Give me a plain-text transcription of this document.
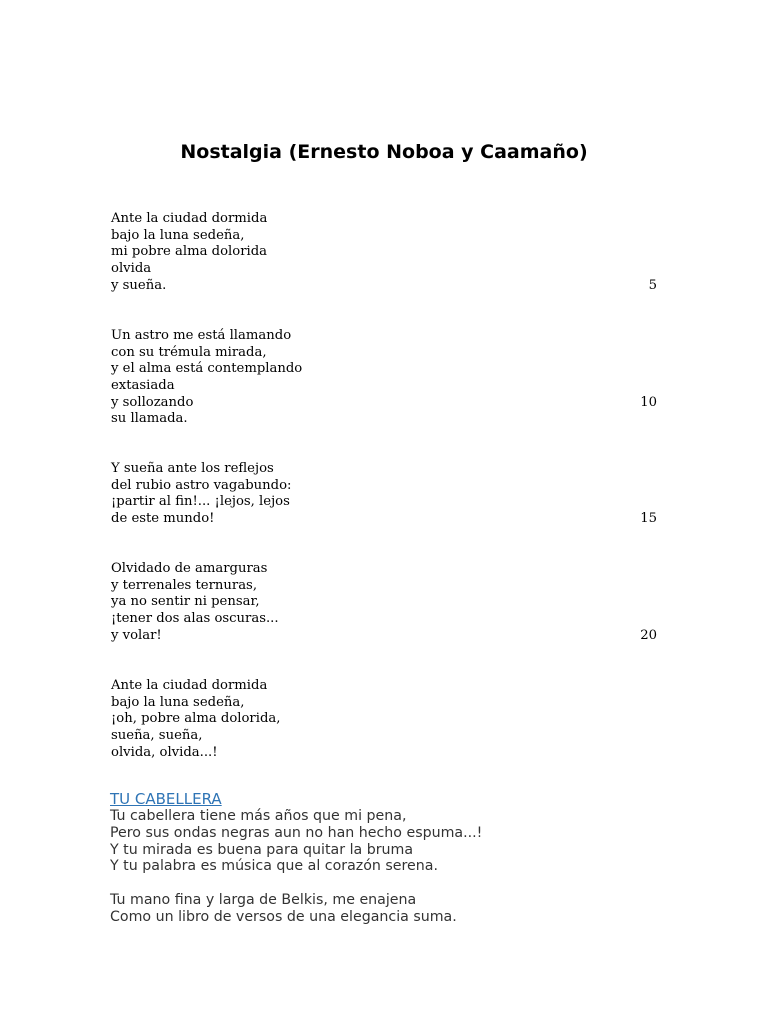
Nostalgia (Ernesto Noboa y Caamaño)
Ante la ciudad dormida
bajo la luna sedeña,
mi pobre alma dolorida
olvida
y sueña.	5
Un astro me está llamando
con su trémula mirada,
y el alma está contemplando
extasiada
y sollozando	10
su llamada.
Y sueña ante los reflejos
del rubio astro vagabundo:
¡partir al fin!... ¡lejos, lejos
de este mundo!	15
Olvidado de amarguras
y terrenales ternuras,
ya no sentir ni pensar,
¡tener dos alas oscuras...
y volar!	20
Ante la ciudad dormida
bajo la luna sedeña,
¡oh, pobre alma dolorida,
sueña, sueña,
olvida, olvida...!
TU CABELLERA
Tu cabellera tiene más años que mi pena,
Pero sus ondas negras aun no han hecho espuma...!
Y tu mirada es buena para quitar la bruma
Y tu palabra es música que al corazón serena.
Tu mano fina y larga de Belkis, me enajena
Como un libro de versos de una elegancia suma.
